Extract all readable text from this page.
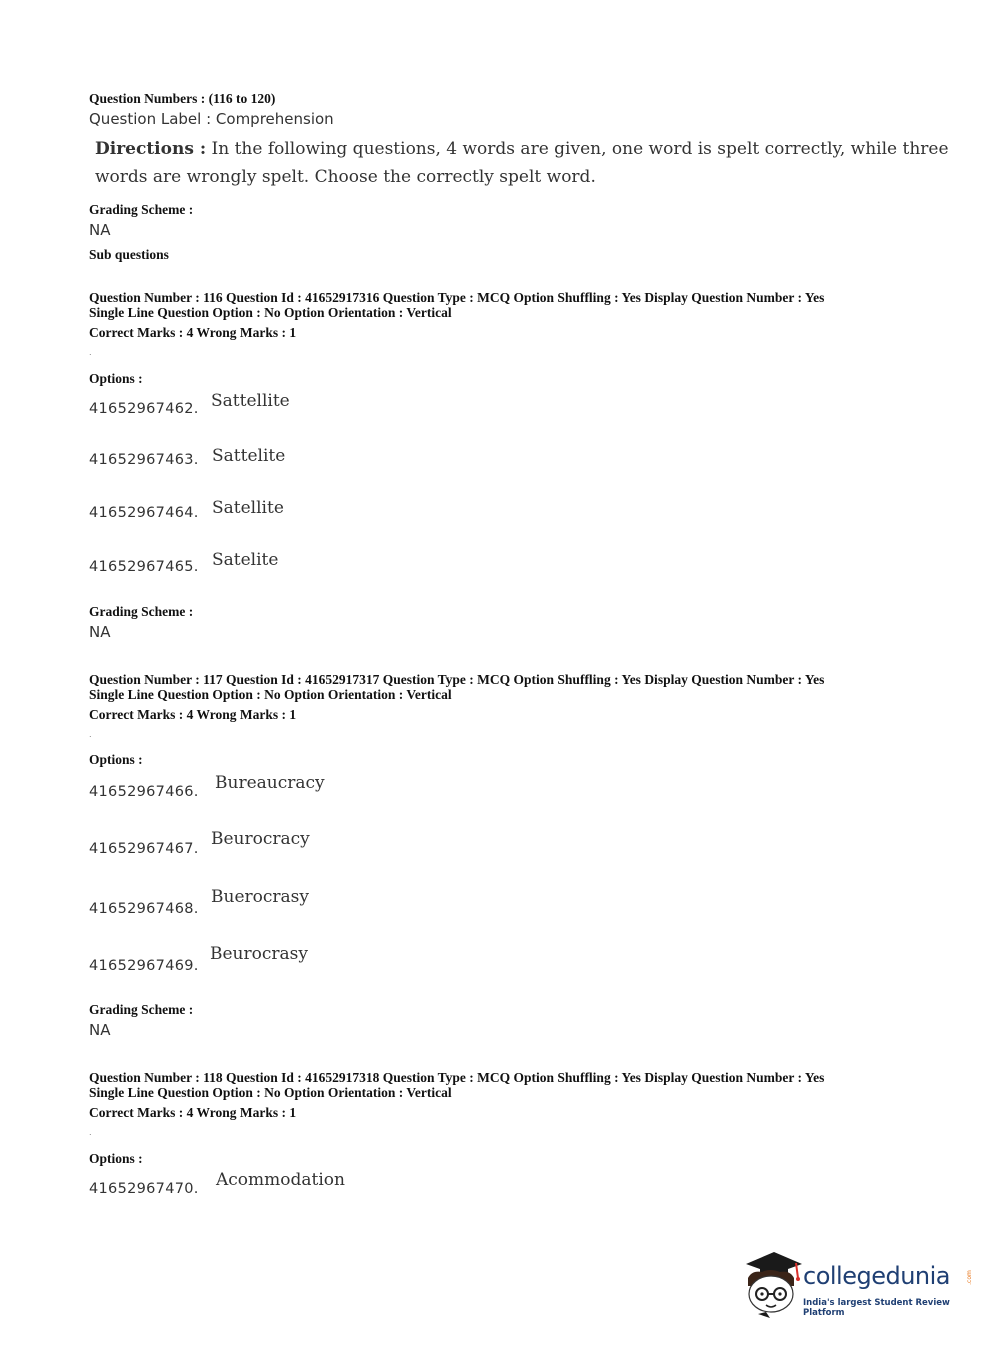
Question Numbers : (116 to 120)
Question Label : Comprehension
Directions : In the following questions, 4 words are given, one word is spelt correctly, while three
words are wrongly spelt. Choose the correctly spelt word.
Grading Scheme :
NA
Sub questions
Question Number : 116 Question Id : 41652917316 Question Type : MCQ Option Shuffling : Yes Display Question Number : Yes
Single Line Question Option : No Option Orientation : Vertical
Correct Marks : 4 Wrong Marks : 1
.
Options :
41652967462. Sattellite
41652967463. Sattelite
41652967464. Satellite
41652967465. Satelite
Grading Scheme :
NA
Question Number : 117 Question Id : 41652917317 Question Type : MCQ Option Shuffling : Yes Display Question Number : Yes
Single Line Question Option : No Option Orientation : Vertical
Correct Marks : 4 Wrong Marks : 1
.
Options :
41652967466. Bureaucracy
41652967467. Beurocracy
41652967468.
Buerocrasy
41652967469.
Beurocrasy
Grading Scheme :
NA
Question Number : 118 Question Id : 41652917318 Question Type : MCQ Option Shuffling : Yes Display Question Number : Yes
Single Line Question Option : No Option Orientation : Vertical
Correct Marks : 4 Wrong Marks : 1
.
Options :
41652967470. Acommodation
collegedunia	.com
India's largest Student Review Platform
